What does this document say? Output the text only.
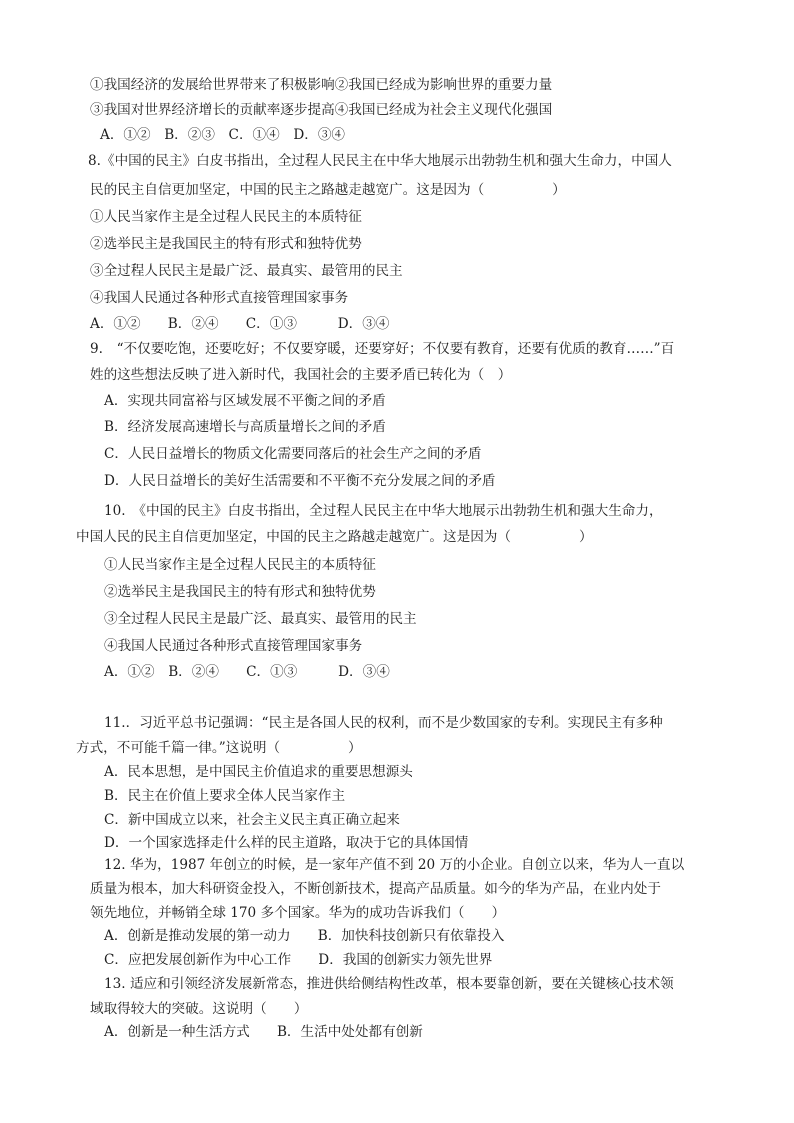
①我国经济的发展给世界带来了积极影响②我国已经成为影响世界的重要力量
③我国对世界经济增长的贡献率逐步提高④我国已经成为社会主义现代化强国
A．①②　B．②③　C．①④　D．③④
8.《中国的民主》白皮书指出，全过程人民民主在中华大地展示出勃勃生机和强大生命力，中国人
民的民主自信更加坚定，中国的民主之路越走越宽广。这是因为（　　　　　）
①人民当家作主是全过程人民民主的本质特征
②选举民主是我国民主的特有形式和独特优势
③全过程人民民主是最广泛、最真实、最管用的民主
④我国人民通过各种形式直接管理国家事务
A．①②　　B．②④　　C．①③　　　D．③④
9.　“不仅要吃饱，还要吃好；不仅要穿暖，还要穿好；不仅要有教育，还要有优质的教育……”百
姓的这些想法反映了进入新时代，我国社会的主要矛盾已转化为（　）
A．实现共同富裕与区域发展不平衡之间的矛盾
B．经济发展高速增长与高质量增长之间的矛盾
C．人民日益增长的物质文化需要同落后的社会生产之间的矛盾
D．人民日益增长的美好生活需要和不平衡不充分发展之间的矛盾
10.　《中国的民主》白皮书指出，全过程人民民主在中华大地展示出勃勃生机和强大生命力，
中国人民的民主自信更加坚定，中国的民主之路越走越宽广。这是因为（　　　　　）
①人民当家作主是全过程人民民主的本质特征
②选举民主是我国民主的特有形式和独特优势
③全过程人民民主是最广泛、最真实、最管用的民主
④我国人民通过各种形式直接管理国家事务
A．①②　B．②④　　C．①③　　　D．③④
11.．习近平总书记强调：“民主是各国人民的权利，而不是少数国家的专利。实现民主有多种
方式，不可能千篇一律。”这说明（　　　　　）
A．民本思想，是中国民主价值追求的重要思想源头
B．民主在价值上要求全体人民当家作主
C．新中国成立以来，社会主义民主真正确立起来
D．一个国家选择走什么样的民主道路，取决于它的具体国情
12. 华为，1987 年创立的时候，是一家年产值不到 20 万的小企业。自创立以来，华为人一直以
质量为根本，加大科研资金投入，不断创新技术，提高产品质量。如今的华为产品，在业内处于
领先地位，并畅销全球 170 多个国家。华为的成功告诉我们（　　）
A．创新是推动发展的第一动力　　B．加快科技创新只有依靠投入
C．应把发展创新作为中心工作　　D．我国的创新实力领先世界
13. 适应和引领经济发展新常态，推进供给侧结构性改革，根本要靠创新，要在关键核心技术领
域取得较大的突破。这说明（　　）
A．创新是一种生活方式　　B．生活中处处都有创新
